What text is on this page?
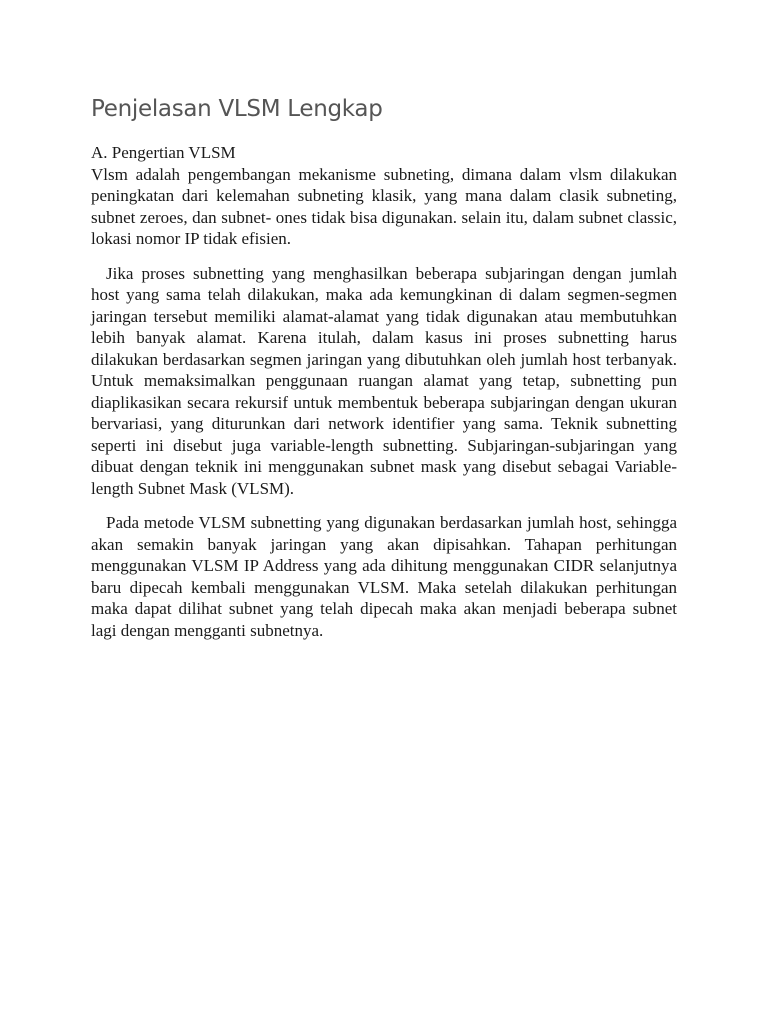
Penjelasan VLSM Lengkap

A. Pengertian VLSM

Vlsm adalah pengembangan mekanisme subneting, dimana dalam vlsm dilakukan peningkatan dari kelemahan subneting klasik, yang mana dalam clasik subneting, subnet zeroes, dan subnet- ones tidak bisa digunakan. selain itu, dalam subnet classic, lokasi nomor IP tidak efisien.

Jika proses subnetting yang menghasilkan beberapa subjaringan dengan jumlah host yang sama telah dilakukan, maka ada kemungkinan di dalam segmen-segmen jaringan tersebut memiliki alamat-alamat yang tidak digunakan atau membutuhkan lebih banyak alamat. Karena itulah, dalam kasus ini proses subnetting harus dilakukan berdasarkan segmen jaringan yang dibutuhkan oleh jumlah host terbanyak. Untuk memaksimalkan penggunaan ruangan alamat yang tetap, subnetting pun diaplikasikan secara rekursif untuk membentuk beberapa subjaringan dengan ukuran bervariasi, yang diturunkan dari network identifier yang sama. Teknik subnetting seperti ini disebut juga variable-length subnetting. Subjaringan-subjaringan yang dibuat dengan teknik ini menggunakan subnet mask yang disebut sebagai Variable-length Subnet Mask (VLSM).

Pada metode VLSM subnetting yang digunakan berdasarkan jumlah host, sehingga akan semakin banyak jaringan yang akan dipisahkan. Tahapan perhitungan menggunakan VLSM IP Address yang ada dihitung menggunakan CIDR selanjutnya baru dipecah kembali menggunakan VLSM. Maka setelah dilakukan perhitungan maka dapat dilihat subnet yang telah dipecah maka akan menjadi beberapa subnet lagi dengan mengganti subnetnya.
